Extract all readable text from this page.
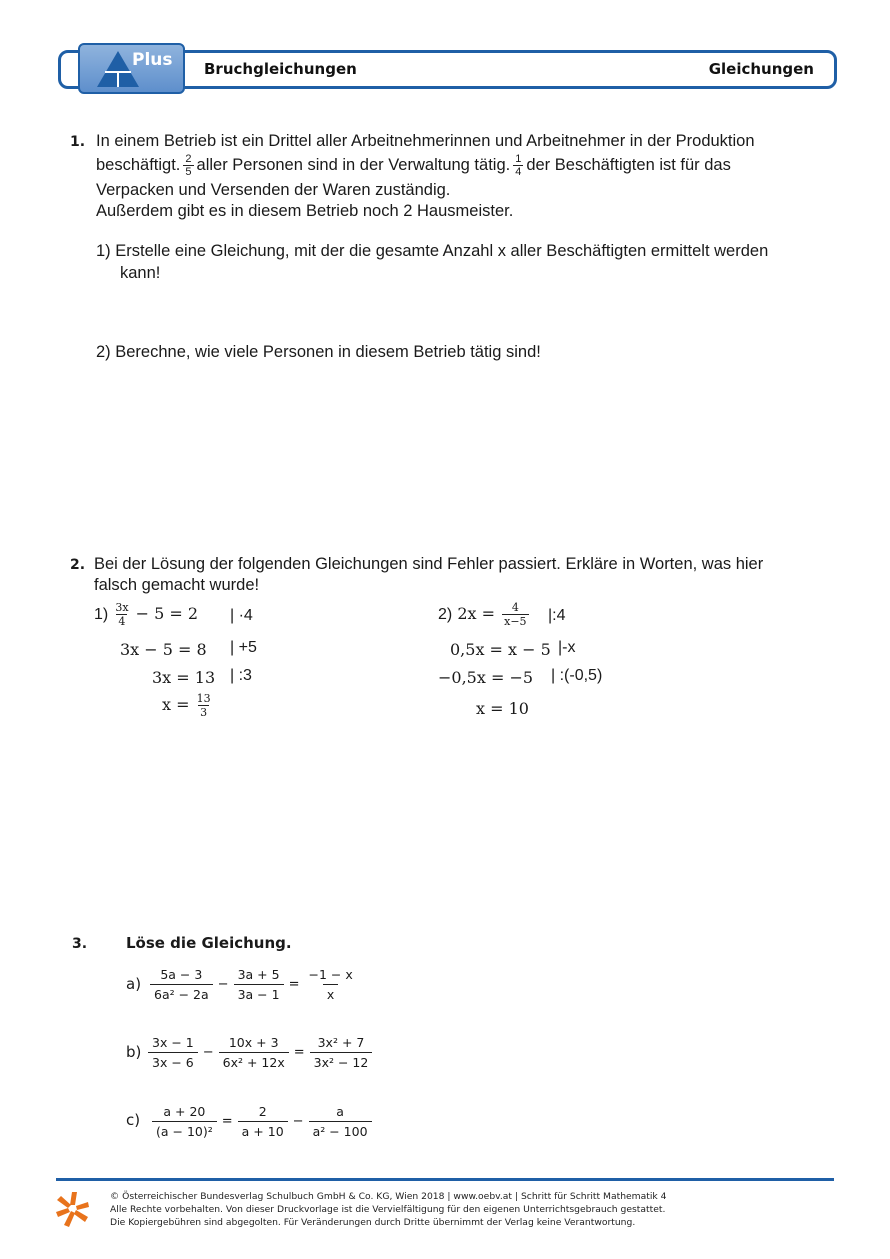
Plus Bruchgleichungen	Gleichungen
1. In einem Betrieb ist ein Drittel aller Arbeitnehmerinnen und Arbeitnehmer in der Produktion
beschäftigt. $\frac{2}{5}$ aller Personen sind in der Verwaltung tätig. $\frac{1}{4}$ der Beschäftigten ist für das
Verpacken und Versenden der Waren zuständig.
Außerdem gibt es in diesem Betrieb noch 2 Hausmeister.
1) Erstelle eine Gleichung, mit der die gesamte Anzahl x aller Beschäftigten ermittelt werden
kann!
2) Berechne, wie viele Personen in diesem Betrieb tätig sind!
2. Bei der Lösung der folgenden Gleichungen sind Fehler passiert. Erkläre in Worten, was hier
falsch gemacht wurde!
$1) \frac{3x}{4} - 5 = 2$ | ·4
3x − 5 = 8 | +5
3x = 13 | :3
$x = \frac{13}{3}$
2) $2x = \frac{4}{x-5}$ |:4
0,5x = x − 5 |-x
−0,5x = −5 | :(-0,5)
x = 10
3.	Löse die Gleichung.
$a) \frac{5a - 3}{\text{6a² − 2a}} - \frac{3a + 5}{3a - 1} = \frac{-1 - x}{x}$
$b) \frac{3x - 1}{3x - 6} - \frac{10x + 3}{\text{6x² + 12x}} = \frac{\text{3x² + 7}}{\text{3x² − 12}}$
$c) \frac{a + 20}{\text{(a − 10)²}} = \frac{2}{a + 10} - \frac{a}{\text{a² − 100}}$
© Österreichischer Bundesverlag Schulbuch GmbH & Co. KG, Wien 2018 | www.oebv.at | Schritt für Schritt Mathematik 4
Alle Rechte vorbehalten. Von dieser Druckvorlage ist die Vervielfältigung für den eigenen Unterrichtsgebrauch gestattet.
Die Kopiergebühren sind abgegolten. Für Veränderungen durch Dritte übernimmt der Verlag keine Verantwortung.
